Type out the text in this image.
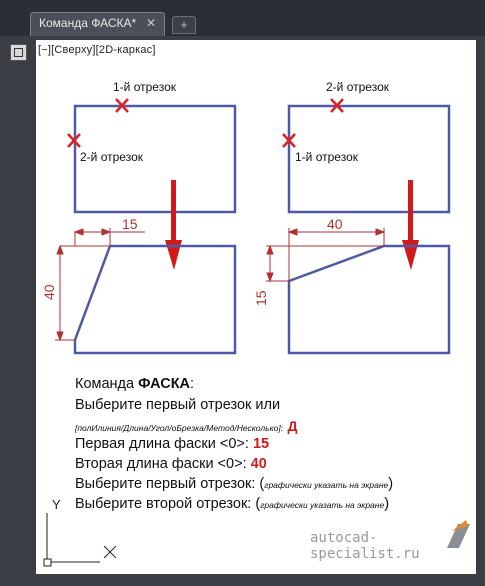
Команда ФАСКА* ✕	+
[−][Сверху][2D-каркас]
1-й отрезок
2-й отрезок
2-й отрезок
1-й отрезок
15
40
40
15
Y
Команда ФАСКА:
Выберите первый отрезок или
[полИлиния/Длина/Угол/оБрезка/Метод/Несколько]: Д
Первая длина фаски <0>: 15
Вторая длина фаски <0>: 40
Выберите первый отрезок: (графически указать на экране)
Выберите второй отрезок: (графически указать на экране)
autocad-specialist.ru
